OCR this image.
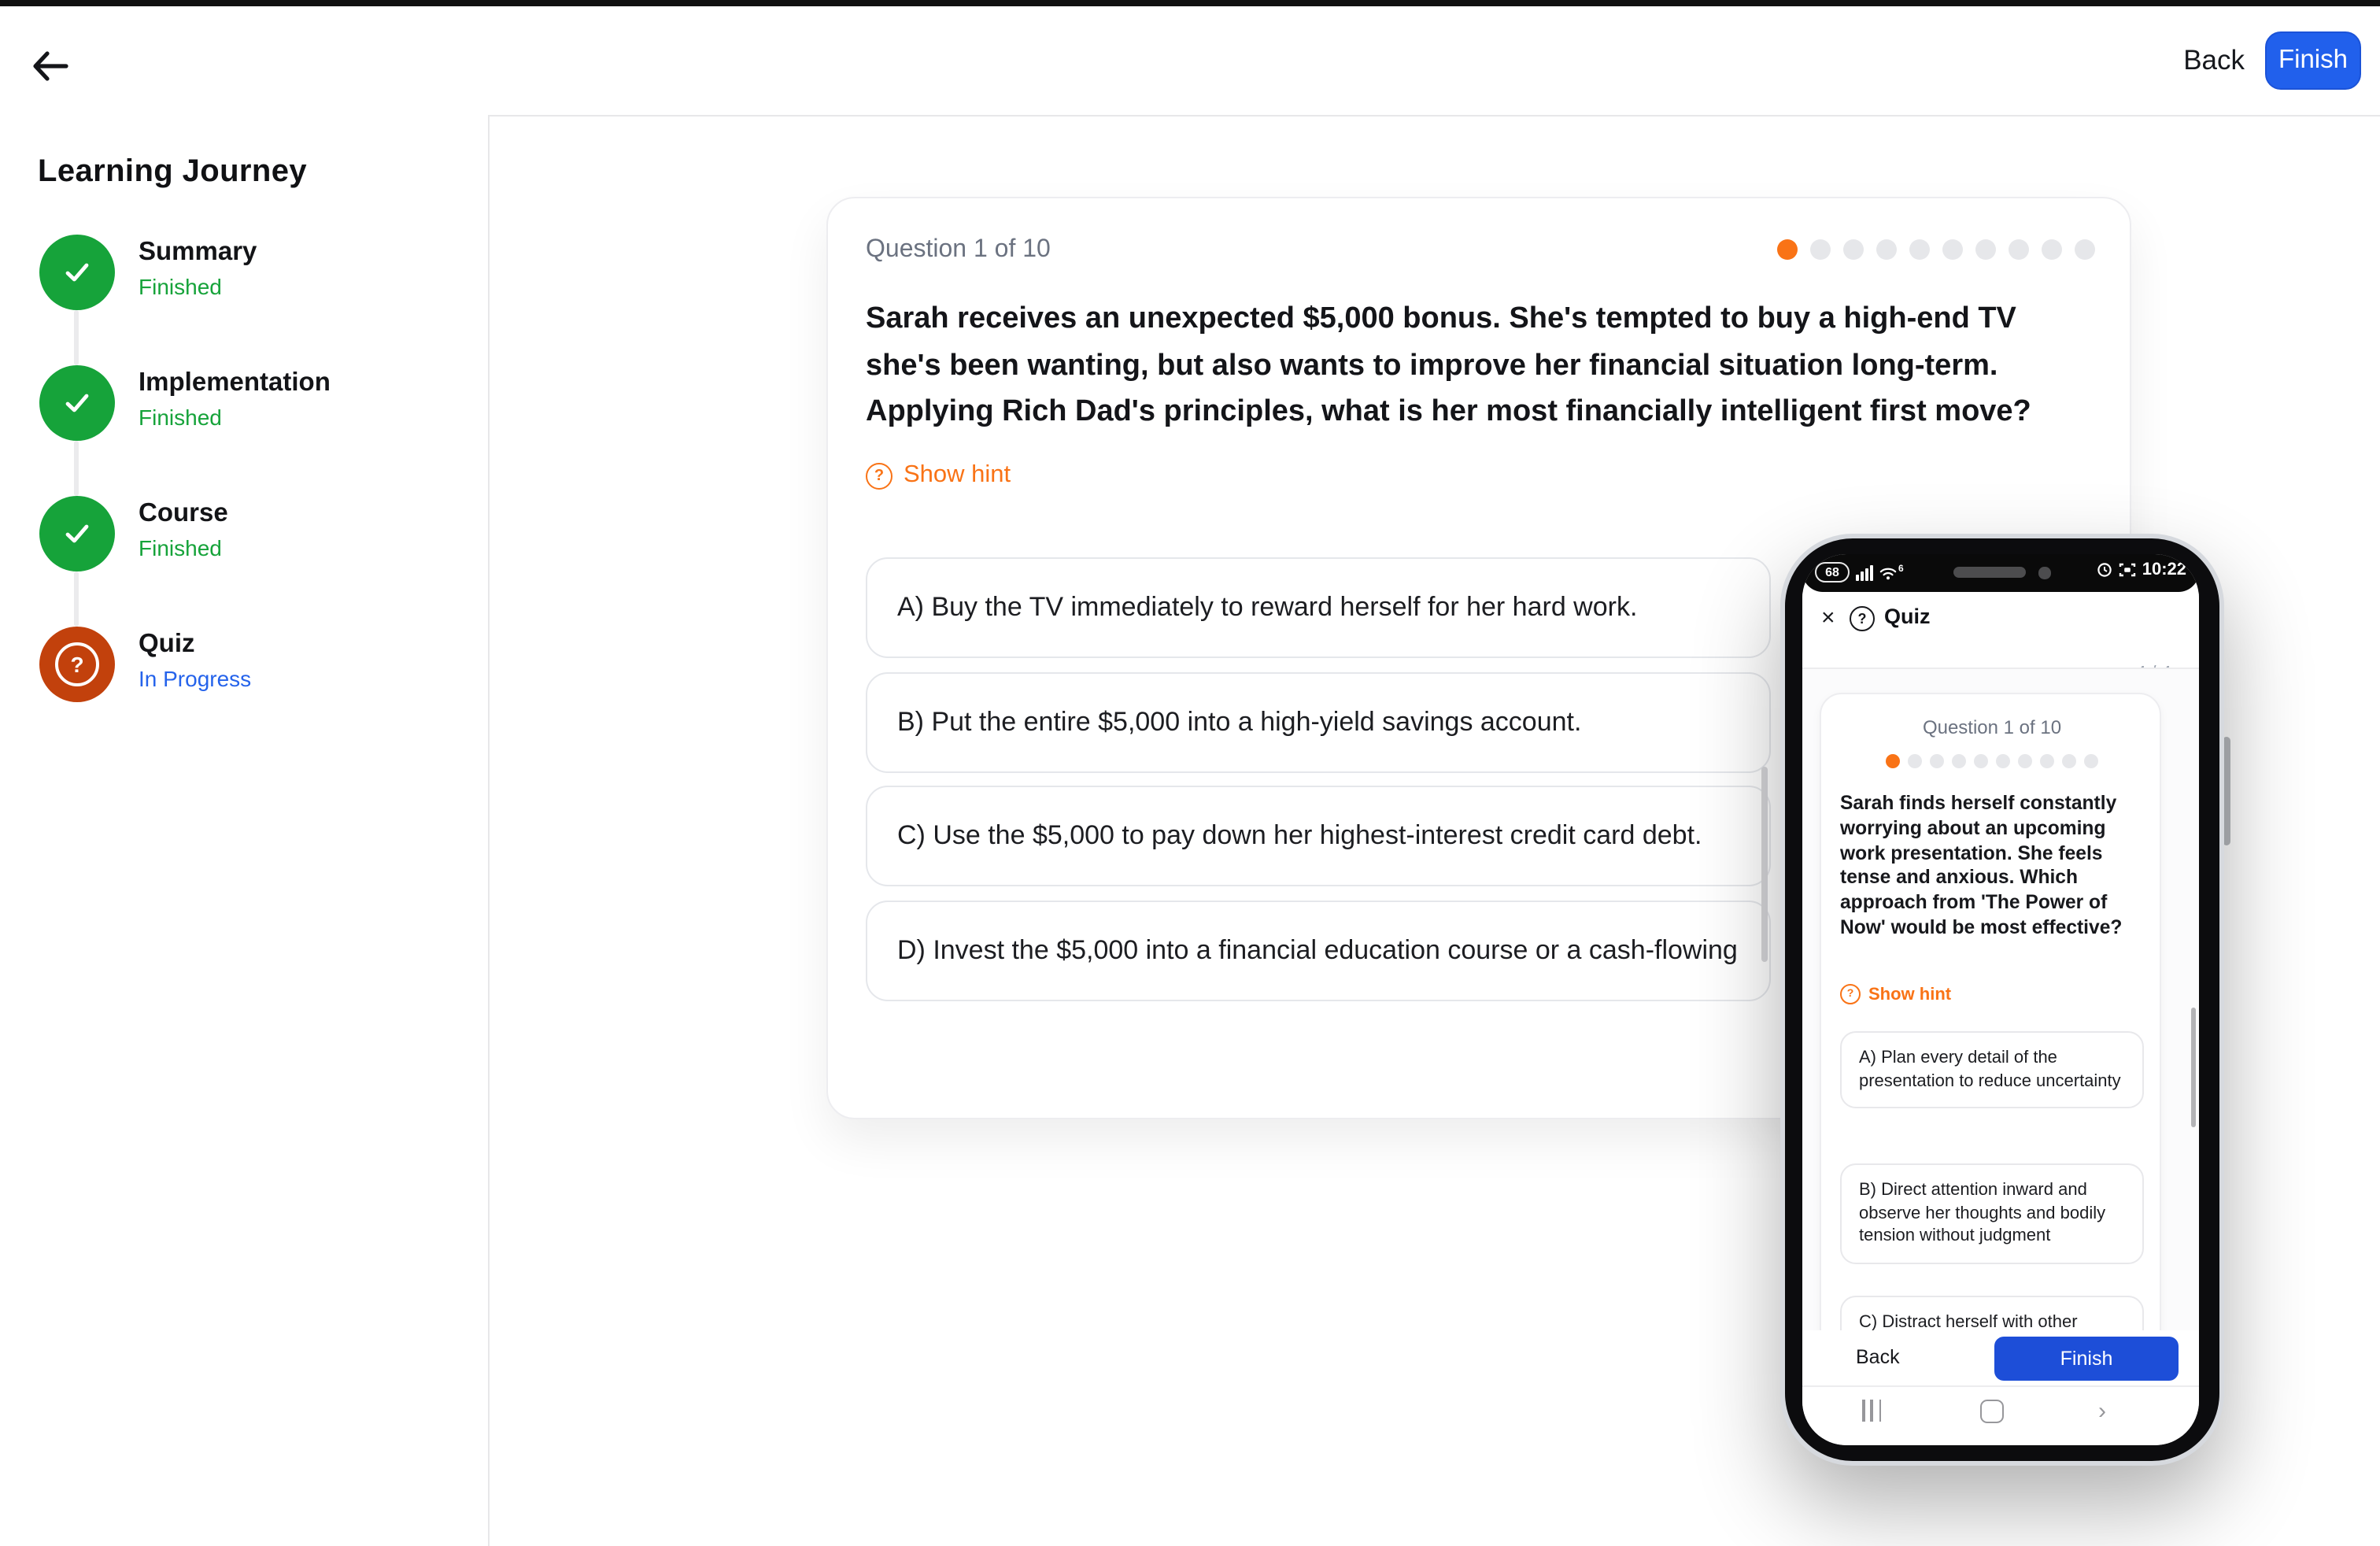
Back	Finish
Learning Journey
Summary
Finished
Implementation
Finished
Course
Finished
?
Quiz
In Progress
Question 1 of 10
Sarah receives an unexpected $5,000 bonus. She's tempted to buy a high-end TV she's been wanting, but also wants to improve her financial situation long-term. Applying Rich Dad's principles, what is her most financially intelligent first move?
?	Show hint
A) Buy the TV immediately to reward herself for her hard work.
B) Put the entire $5,000 into a high-yield savings account.
C) Use the $5,000 to pay down her highest-interest credit card debt.
D) Invest the $5,000 into a financial education course or a cash-flowing
68	6	10:22
×	?	Quiz
Question 1 of 10
Sarah finds herself constantly worrying about an upcoming work presentation. She feels tense and anxious. Which approach from 'The Power of Now' would be most effective?
?	Show hint
A) Plan every detail of the presentation to reduce uncertainty
B) Direct attention inward and observe her thoughts and bodily tension without judgment
C) Distract herself with other
Back	Finish
›
